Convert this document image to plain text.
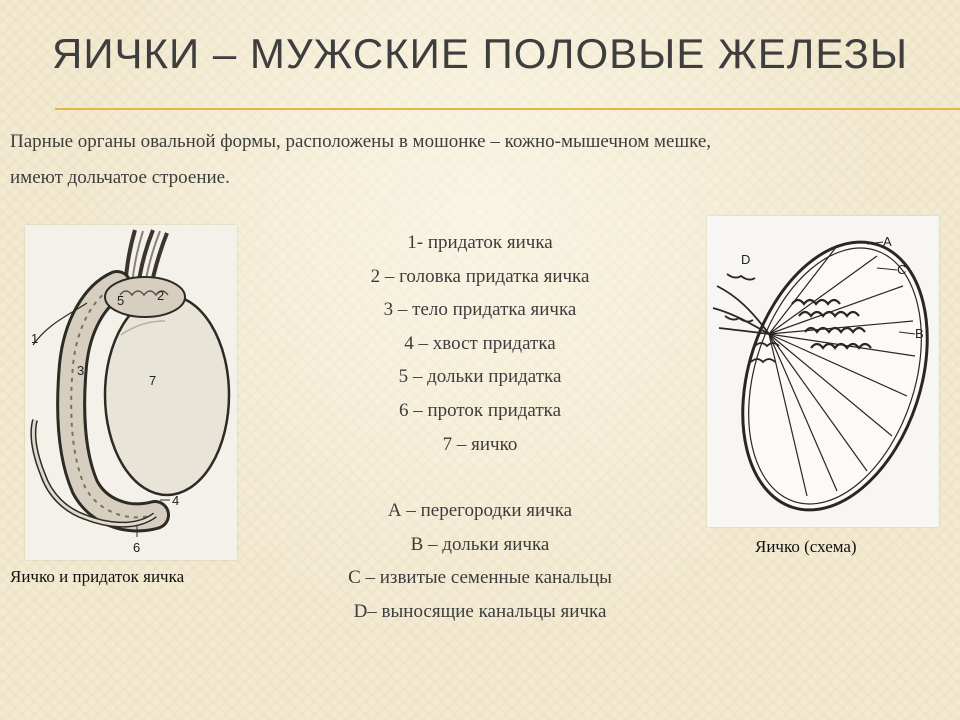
ЯИЧКИ – МУЖСКИЕ ПОЛОВЫЕ ЖЕЛЕЗЫ
Парные органы овальной формы, расположены в мошонке – кожно-мышечном мешке,
имеют дольчатое строение.
1
2
3
4
5
6
7
Яичко и придаток яичка
1- придаток яичка
2 – головка придатка яичка
3 – тело придатка яичка
4 – хвост придатка
5 – дольки придатка
6 – проток придатка
7 – яичко
А – перегородки яичка
В – дольки яичка
С – извитые семенные канальцы
D– выносящие канальцы яичка
D
А
С
В
Яичко (схема)
